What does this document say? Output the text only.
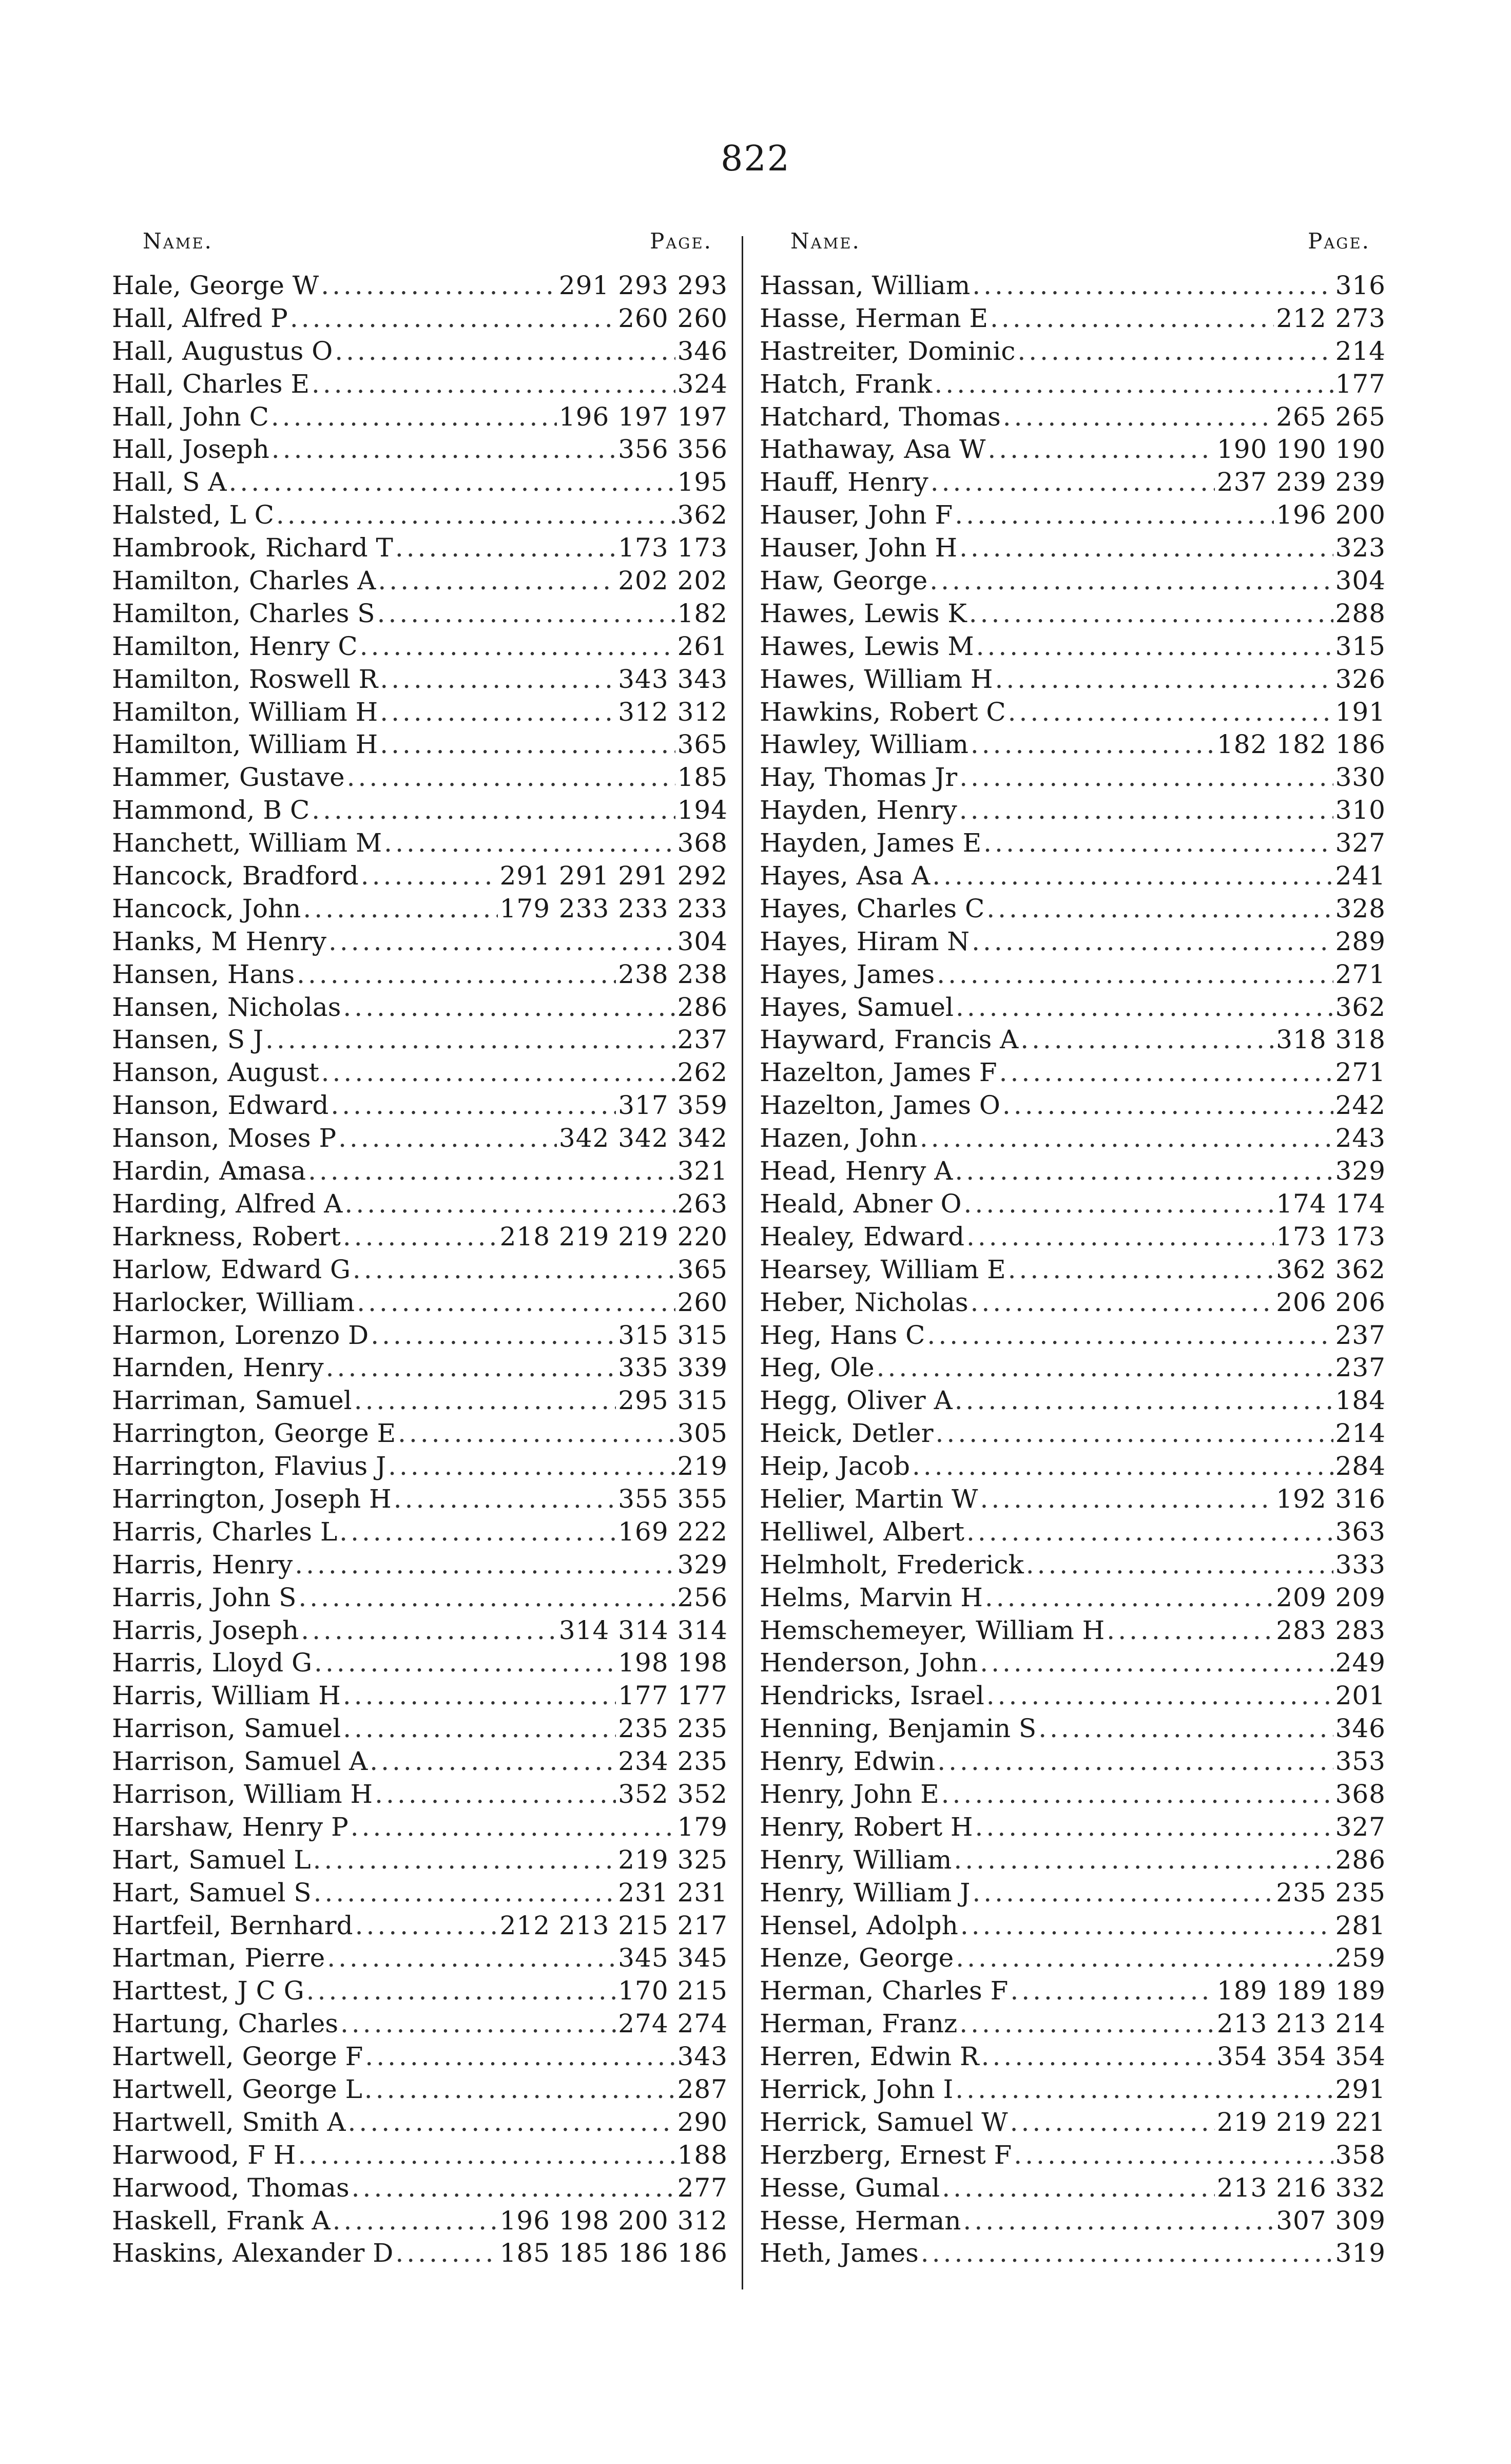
822
Name.	Page.
Hale, George W .....	291 293 293
Hall, Alfred P .....	260 260
Hall, Augustus O .....	346
Hall, Charles E .....	324
Hall, John C .....	196 197 197
Hall, Joseph .....	356 356
Hall, S A .....	195
Halsted, L C .....	362
Hambrook, Richard T .....	173 173
Hamilton, Charles A .....	202 202
Hamilton, Charles S .....	182
Hamilton, Henry C .....	261
Hamilton, Roswell R .....	343 343
Hamilton, William H .....	312 312
Hamilton, William H .....	365
Hammer, Gustave .....	185
Hammond, B C .....	194
Hanchett, William M .....	368
Hancock, Bradford .....	291 291 291 292
Hancock, John .....	179 233 233 233
Hanks, M Henry .....	304
Hansen, Hans .....	238 238
Hansen, Nicholas .....	286
Hansen, S J .....	237
Hanson, August .....	262
Hanson, Edward .....	317 359
Hanson, Moses P .....	342 342 342
Hardin, Amasa .....	321
Harding, Alfred A .....	263
Harkness, Robert .....	218 219 219 220
Harlow, Edward G .....	365
Harlocker, William .....	260
Harmon, Lorenzo D .....	315 315
Harnden, Henry .....	335 339
Harriman, Samuel .....	295 315
Harrington, George E .....	305
Harrington, Flavius J .....	219
Harrington, Joseph H .....	355 355
Harris, Charles L .....	169 222
Harris, Henry .....	329
Harris, John S .....	256
Harris, Joseph .....	314 314 314
Harris, Lloyd G .....	198 198
Harris, William H .....	177 177
Harrison, Samuel .....	235 235
Harrison, Samuel A .....	234 235
Harrison, William H .....	352 352
Harshaw, Henry P .....	179
Hart, Samuel L .....	219 325
Hart, Samuel S .....	231 231
Hartfeil, Bernhard .....	212 213 215 217
Hartman, Pierre .....	345 345
Harttest, J C G .....	170 215
Hartung, Charles .....	274 274
Hartwell, George F .....	343
Hartwell, George L .....	287
Hartwell, Smith A .....	290
Harwood, F H .....	188
Harwood, Thomas .....	277
Haskell, Frank A .....	196 198 200 312
Haskins, Alexander D .....	185 185 186 186
Name.	Page.
Hassan, William .....	316
Hasse, Herman E .....	212 273
Hastreiter, Dominic .....	214
Hatch, Frank .....	177
Hatchard, Thomas .....	265 265
Hathaway, Asa W .....	190 190 190
Hauff, Henry .....	237 239 239
Hauser, John F .....	196 200
Hauser, John H .....	323
Haw, George .....	304
Hawes, Lewis K .....	288
Hawes, Lewis M .....	315
Hawes, William H .....	326
Hawkins, Robert C .....	191
Hawley, William .....	182 182 186
Hay, Thomas Jr .....	330
Hayden, Henry .....	310
Hayden, James E .....	327
Hayes, Asa A .....	241
Hayes, Charles C .....	328
Hayes, Hiram N .....	289
Hayes, James .....	271
Hayes, Samuel .....	362
Hayward, Francis A .....	318 318
Hazelton, James F .....	271
Hazelton, James O .....	242
Hazen, John .....	243
Head, Henry A .....	329
Heald, Abner O .....	174 174
Healey, Edward .....	173 173
Hearsey, William E .....	362 362
Heber, Nicholas .....	206 206
Heg, Hans C .....	237
Heg, Ole .....	237
Hegg, Oliver A .....	184
Heick, Detler .....	214
Heip, Jacob .....	284
Helier, Martin W .....	192 316
Helliwel, Albert .....	363
Helmholt, Frederick .....	333
Helms, Marvin H .....	209 209
Hemschemeyer, William H .....	283 283
Henderson, John .....	249
Hendricks, Israel .....	201
Henning, Benjamin S .....	346
Henry, Edwin .....	353
Henry, John E .....	368
Henry, Robert H .....	327
Henry, William .....	286
Henry, William J .....	235 235
Hensel, Adolph .....	281
Henze, George .....	259
Herman, Charles F .....	189 189 189
Herman, Franz .....	213 213 214
Herren, Edwin R .....	354 354 354
Herrick, John I .....	291
Herrick, Samuel W .....	219 219 221
Herzberg, Ernest F .....	358
Hesse, Gumal .....	213 216 332
Hesse, Herman .....	307 309
Heth, James .....	319
